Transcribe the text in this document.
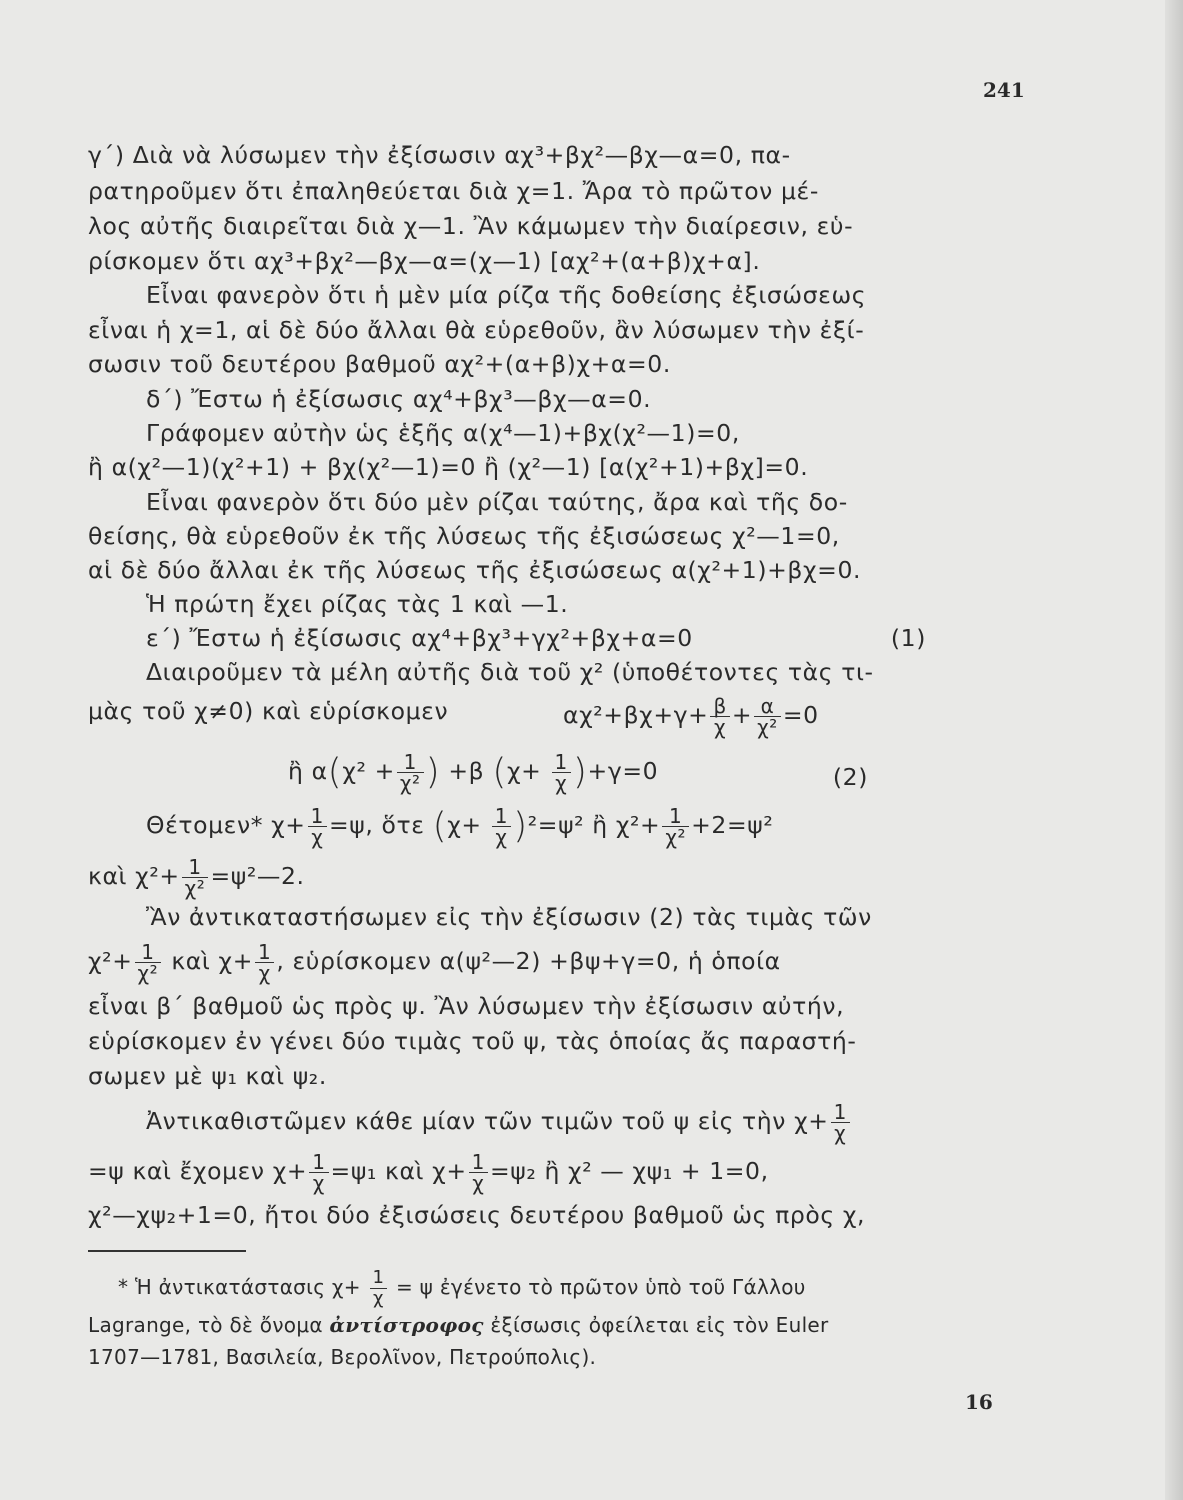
241
γ΄) Διὰ νὰ λύσωμεν τὴν ἐξίσωσιν αχ³+βχ²—βχ—α=0, πα-
ρατηροῦμεν ὅτι ἐπαληθεύεται διὰ χ=1. Ἄρα τὸ πρῶτον μέ-
λος αὐτῆς διαιρεῖται διὰ χ—1. Ἂν κάμωμεν τὴν διαίρεσιν, εὑ-
ρίσκομεν ὅτι αχ³+βχ²—βχ—α=(χ—1) [αχ²+(α+β)χ+α].
Εἶναι φανερὸν ὅτι ἡ μὲν μία ρίζα τῆς δοθείσης ἐξισώσεως
εἶναι ἡ χ=1, αἱ δὲ δύο ἄλλαι θὰ εὑρεθοῦν, ἂν λύσωμεν τὴν ἐξί-
σωσιν τοῦ δευτέρου βαθμοῦ αχ²+(α+β)χ+α=0.
δ΄) Ἔστω ἡ ἐξίσωσις αχ⁴+βχ³—βχ—α=0.
Γράφομεν αὐτὴν ὡς ἑξῆς α(χ⁴—1)+βχ(χ²—1)=0,
ἢ α(χ²—1)(χ²+1) + βχ(χ²—1)=0 ἢ (χ²—1) [α(χ²+1)+βχ]=0.
Εἶναι φανερὸν ὅτι δύο μὲν ρίζαι ταύτης, ἄρα καὶ τῆς δο-
θείσης, θὰ εὑρεθοῦν ἐκ τῆς λύσεως τῆς ἐξισώσεως χ²—1=0,
αἱ δὲ δύο ἄλλαι ἐκ τῆς λύσεως τῆς ἐξισώσεως α(χ²+1)+βχ=0.
Ἡ πρώτη ἔχει ρίζας τὰς 1 καὶ —1.
ε΄) Ἔστω ἡ ἐξίσωσις αχ⁴+βχ³+γχ²+βχ+α=0	(1)
Διαιροῦμεν τὰ μέλη αὐτῆς διὰ τοῦ χ² (ὑποθέτοντες τὰς τι-
μὰς τοῦ χ≠0) καὶ εὑρίσκομεν	$\alpha\chi^2+\beta\chi+\gamma+ \frac{\beta}{\chi} + \frac{\alpha}{\text{χ²}} =0$
ἢ $\alpha(\chi^2 + \frac{1}{\text{χ²}}$ ) +β $(\chi+ \frac{1}{\chi} )+\gamma=0$	(2)
Θέτομεν* $\chi+ \frac{1}{\chi} =\psi$, ὅτε $(\chi+ \frac{1}{\chi} )^2=\psi^2$ ἢ $\chi^2+ \frac{1}{\text{χ²}} +2=\psi^2$
καὶ $\chi^2+ \frac{1}{\text{χ²}}$ =ψ²—2.
Ἂν ἀντικαταστήσωμεν εἰς τὴν ἐξίσωσιν (2) τὰς τιμὰς τῶν
$\chi^2+ \frac{1}{\text{χ²}}$ καὶ $\chi+ \frac{1}{\chi}$ , εὑρίσκομεν α(ψ²—2) +βψ+γ=0, ἡ ὁποία
εἶναι β΄ βαθμοῦ ὡς πρὸς ψ. Ἂν λύσωμεν τὴν ἐξίσωσιν αὐτήν,
εὑρίσκομεν ἐν γένει δύο τιμὰς τοῦ ψ, τὰς ὁποίας ἄς παραστή-
σωμεν μὲ ψ₁ καὶ ψ₂.
Ἀντικαθιστῶμεν κάθε μίαν τῶν τιμῶν τοῦ ψ εἰς τὴν $\chi+ \frac{1}{\chi}$
=ψ καὶ ἔχομεν $\chi+ \frac{1}{\chi} =\psi_1$ καὶ $\chi+ \frac{1}{\chi} =\psi_2$ ἢ χ² — χψ₁ + 1=0,
χ²—χψ₂+1=0, ἤτοι δύο ἐξισώσεις δευτέρου βαθμοῦ ὡς πρὸς χ,
* Ἡ ἀντικατάστασις $\chi+ \frac{1}{\chi} = \psi$ ἐγένετο τὸ πρῶτον ὑπὸ τοῦ Γάλλου
Lagrange, τὸ δὲ ὄνομα ἀντίστροφος ἐξίσωσις ὀφείλεται εἰς τὸν Euler
1707—1781, Βασιλεία, Βερολῖνον, Πετρούπολις).
16
